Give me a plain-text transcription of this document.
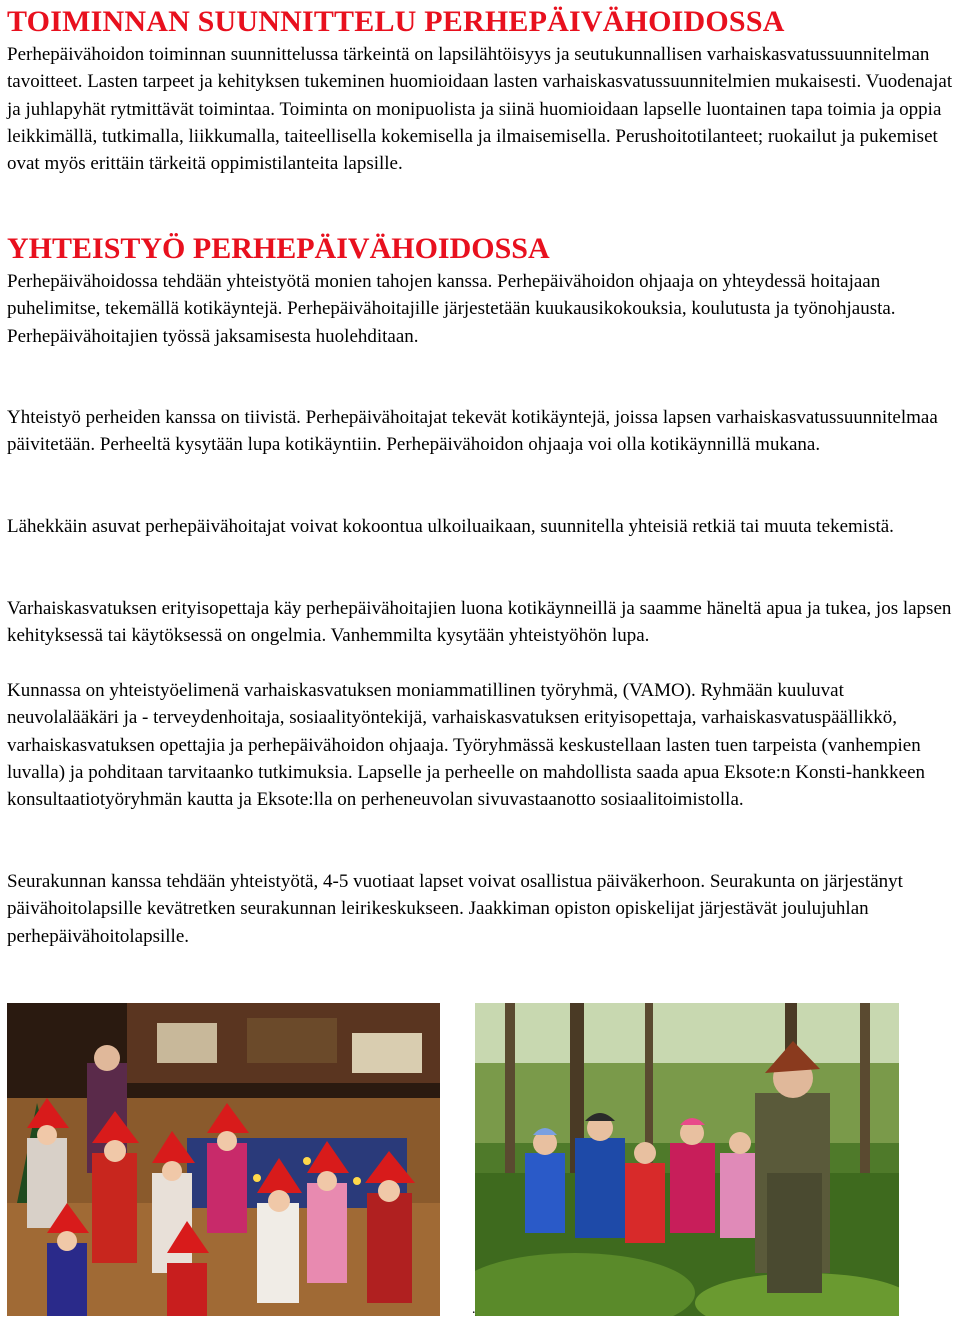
TOIMINNAN SUUNNITTELU PERHEPÄIVÄHOIDOSSA

Perhepäivähoidon toiminnan suunnittelussa tärkeintä on lapsilähtöisyys ja seutukunnallisen varhaiskasvatussuunnitelman tavoitteet. Lasten tarpeet ja kehityksen tukeminen huomioidaan lasten varhaiskasvatussuunnitelmien mukaisesti. Vuodenajat ja juhlapyhät rytmittävät toimintaa. Toiminta on monipuolista ja siinä huomioidaan lapselle luontainen tapa toimia ja oppia leikkimällä, tutkimalla, liikkumalla, taiteellisella kokemisella ja ilmaisemisella. Perushoitotilanteet; ruokailut ja pukemiset ovat myös erittäin tärkeitä oppimistilanteita lapsille.

YHTEISTYÖ PERHEPÄIVÄHOIDOSSA

Perhepäivähoidossa tehdään yhteistyötä monien tahojen kanssa. Perhepäivähoidon ohjaaja on yhteydessä hoitajaan puhelimitse, tekemällä kotikäyntejä. Perhepäivähoitajille järjestetään kuukausikokouksia, koulutusta ja työnohjausta. Perhepäivähoitajien työssä jaksamisesta huolehditaan.

Yhteistyö perheiden kanssa on tiivistä. Perhepäivähoitajat tekevät kotikäyntejä, joissa lapsen varhaiskasvatussuunnitelmaa päivitetään. Perheeltä kysytään lupa kotikäyntiin. Perhepäivähoidon ohjaaja voi olla kotikäynnillä mukana.

Lähekkäin asuvat perhepäivähoitajat voivat kokoontua ulkoiluaikaan, suunnitella yhteisiä retkiä tai muuta tekemistä.

Varhaiskasvatuksen erityisopettaja käy perhepäivähoitajien luona kotikäynneillä ja saamme häneltä apua ja tukea, jos lapsen kehityksessä tai käytöksessä on ongelmia. Vanhemmilta kysytään yhteistyöhön lupa.

Kunnassa on yhteistyöelimenä varhaiskasvatuksen moniammatillinen työryhmä, (VAMO). Ryhmään kuuluvat neuvolalääkäri ja - terveydenhoitaja, sosiaalityöntekijä, varhaiskasvatuksen erityisopettaja, varhaiskasvatuspäällikkö, varhaiskasvatuksen opettajia ja perhepäivähoidon ohjaaja. Työryhmässä keskustellaan lasten tuen tarpeista (vanhempien luvalla) ja pohditaan tarvitaanko tutkimuksia. Lapselle ja perheelle on mahdollista saada apua Eksote:n Konsti-hankkeen konsultaatiotyöryhmän kautta ja Eksote:lla on perheneuvolan sivuvastaanotto sosiaalitoimistolla.

Seurakunnan kanssa tehdään yhteistyötä, 4-5 vuotiaat lapset voivat osallistua päiväkerhoon. Seurakunta on järjestänyt päivähoitolapsille kevätretken seurakunnan leirikeskukseen. Jaakkiman opiston opiskelijat järjestävät joulujuhlan perhepäivähoitolapsille.

.
